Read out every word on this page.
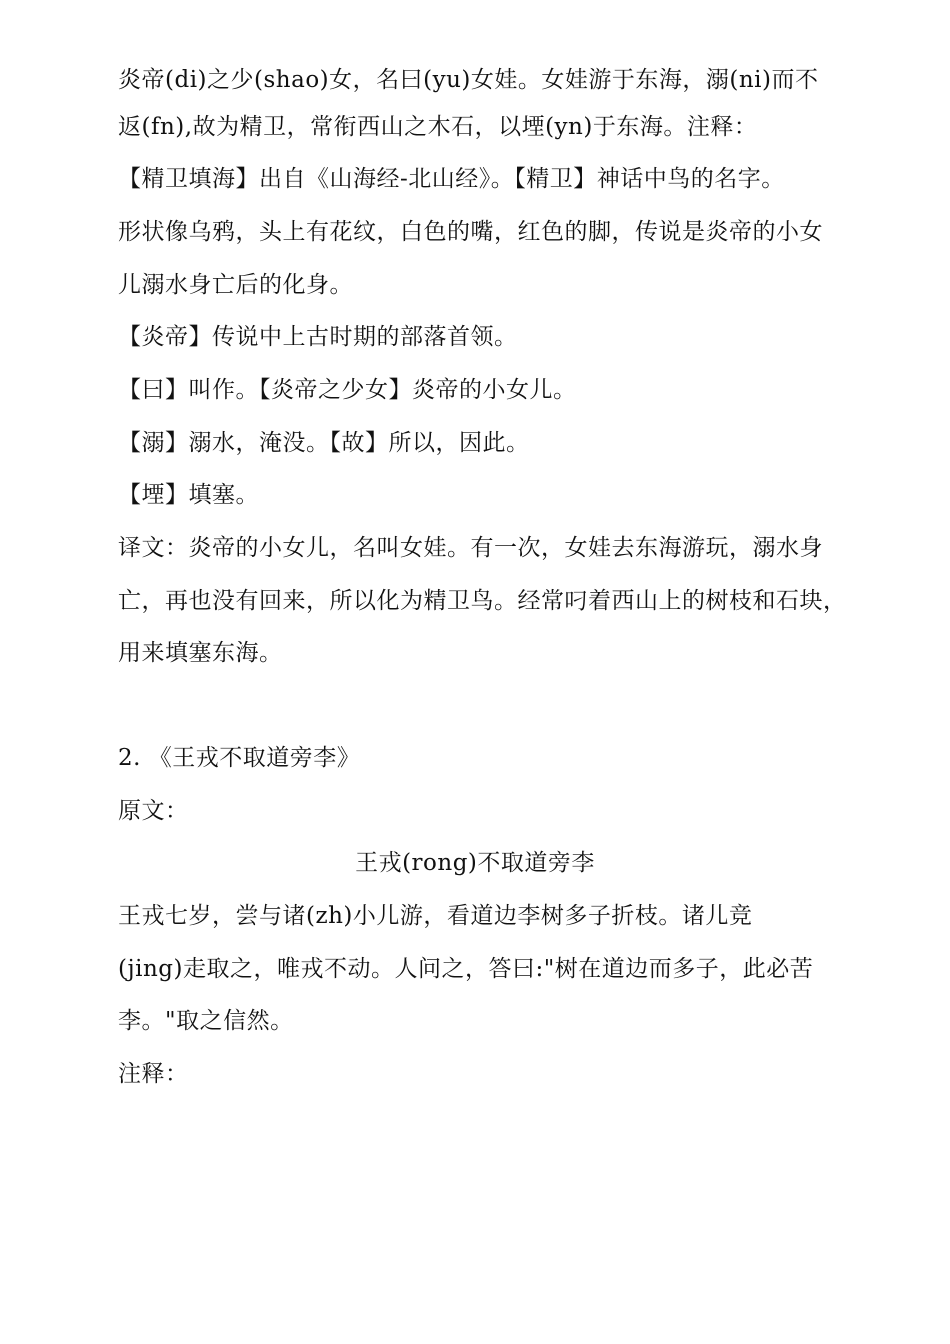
炎帝(di)之少(shao)女，名曰(yu)女娃。女娃游于东海，溺(ni)而不
返(fn),故为精卫，常衔西山之木石，以堙(yn)于东海。注释：
【精卫填海】出自《山海经-北山经》。【精卫】神话中鸟的名字。
形状像乌鸦，头上有花纹，白色的嘴，红色的脚，传说是炎帝的小女
儿溺水身亡后的化身。
【炎帝】传说中上古时期的部落首领。
【曰】叫作。【炎帝之少女】炎帝的小女儿。
【溺】溺水，淹没。【故】所以，因此。
【堙】填塞。
译文：炎帝的小女儿，名叫女娃。有一次，女娃去东海游玩，溺水身
亡，再也没有回来，所以化为精卫鸟。经常叼着西山上的树枝和石块，
用来填塞东海。
2. 《王戎不取道旁李》
原文：
王戎(rong)不取道旁李
王戎七岁，尝与诸(zh)小儿游，看道边李树多子折枝。诸儿竞
(jing)走取之，唯戎不动。人问之，答曰:"树在道边而多子，此必苦
李。"取之信然。
注释：
